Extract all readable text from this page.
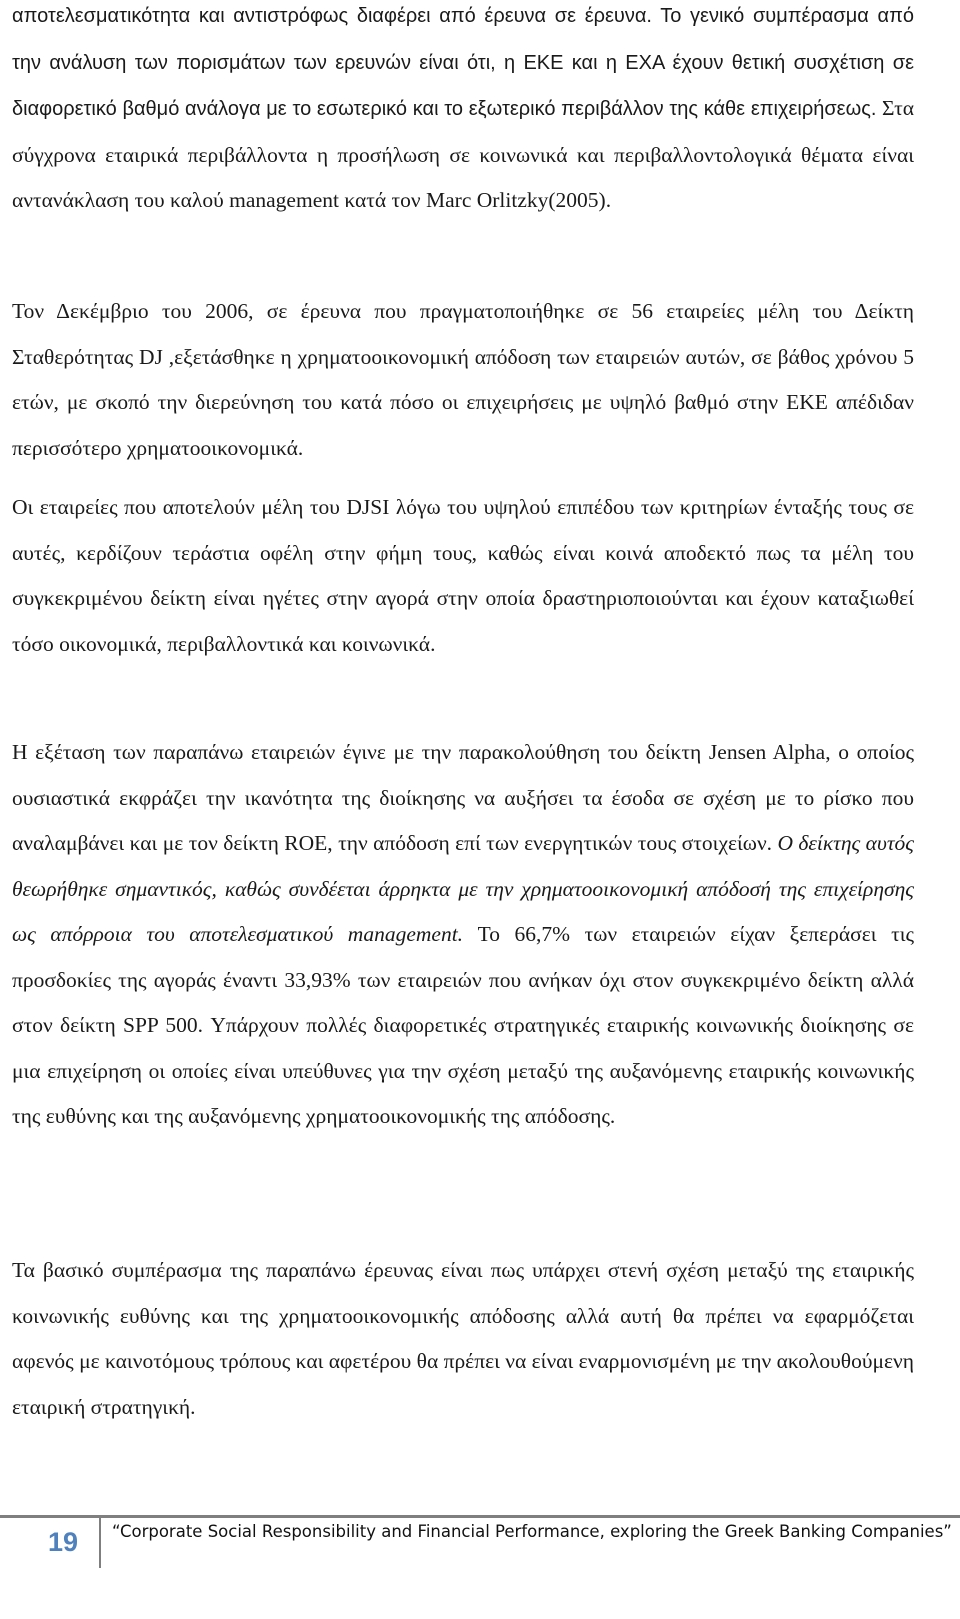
αποτελεσματικότητα και αντιστρόφως διαφέρει από έρευνα σε έρευνα. Το γενικό συμπέρασμα από την ανάλυση των πορισμάτων των ερευνών είναι ότι, η ΕΚΕ και η ΕΧΑ έχουν θετική συσχέτιση σε διαφορετικό βαθμό ανάλογα με το εσωτερικό και το εξωτερικό περιβάλλον της κάθε επιχειρήσεως. Στα σύγχρονα εταιρικά περιβάλλοντα η προσήλωση σε κοινωνικά και περιβαλλοντολογικά θέματα είναι αντανάκλαση του καλού management κατά τον Marc Orlitzky(2005).

Τον Δεκέμβριο του 2006, σε έρευνα που πραγματοποιήθηκε σε 56 εταιρείες μέλη του Δείκτη Σταθερότητας DJ ,εξετάσθηκε η χρηματοοικονομική απόδοση των εταιρειών αυτών, σε βάθος χρόνου 5 ετών, με σκοπό την διερεύνηση του κατά πόσο οι επιχειρήσεις με υψηλό βαθμό στην ΕΚΕ απέδιδαν περισσότερο χρηματοοικονομικά.

Οι εταιρείες που αποτελούν μέλη του DJSI λόγω του υψηλού επιπέδου των κριτηρίων ένταξής τους σε αυτές, κερδίζουν τεράστια οφέλη στην φήμη τους, καθώς είναι κοινά αποδεκτό πως τα μέλη του συγκεκριμένου δείκτη είναι ηγέτες στην αγορά στην οποία δραστηριοποιούνται και έχουν καταξιωθεί τόσο οικονομικά, περιβαλλοντικά και κοινωνικά.

Η εξέταση των παραπάνω εταιρειών έγινε με την παρακολούθηση του δείκτη Jensen Alpha, ο οποίος ουσιαστικά εκφράζει την ικανότητα της διοίκησης να αυξήσει τα έσοδα σε σχέση με το ρίσκο που αναλαμβάνει και με τον δείκτη ROE, την απόδοση επί των ενεργητικών τους στοιχείων. Ο δείκτης αυτός θεωρήθηκε σημαντικός, καθώς συνδέεται άρρηκτα με την χρηματοοικονομική απόδοσή της επιχείρησης ως απόρροια του αποτελεσματικού management. Το 66,7% των εταιρειών είχαν ξεπεράσει τις προσδοκίες της αγοράς έναντι 33,93% των εταιρειών που ανήκαν όχι στον συγκεκριμένο δείκτη αλλά στον δείκτη SPP 500. Υπάρχουν πολλές διαφορετικές στρατηγικές εταιρικής κοινωνικής διοίκησης σε μια επιχείρηση οι οποίες είναι υπεύθυνες για την σχέση μεταξύ της αυξανόμενης εταιρικής κοινωνικής της ευθύνης και της αυξανόμενης χρηματοοικονομικής της απόδοσης.

Τα βασικό συμπέρασμα της παραπάνω έρευνας είναι πως υπάρχει στενή σχέση μεταξύ της εταιρικής κοινωνικής ευθύνης και της χρηματοοικονομικής απόδοσης αλλά αυτή θα πρέπει να εφαρμόζεται αφενός με καινοτόμους τρόπους και αφετέρου θα πρέπει να είναι εναρμονισμένη με την ακολουθούμενη εταιρική στρατηγική.

19 “Corporate Social Responsibility and Financial Performance, exploring the Greek Banking Companies”
